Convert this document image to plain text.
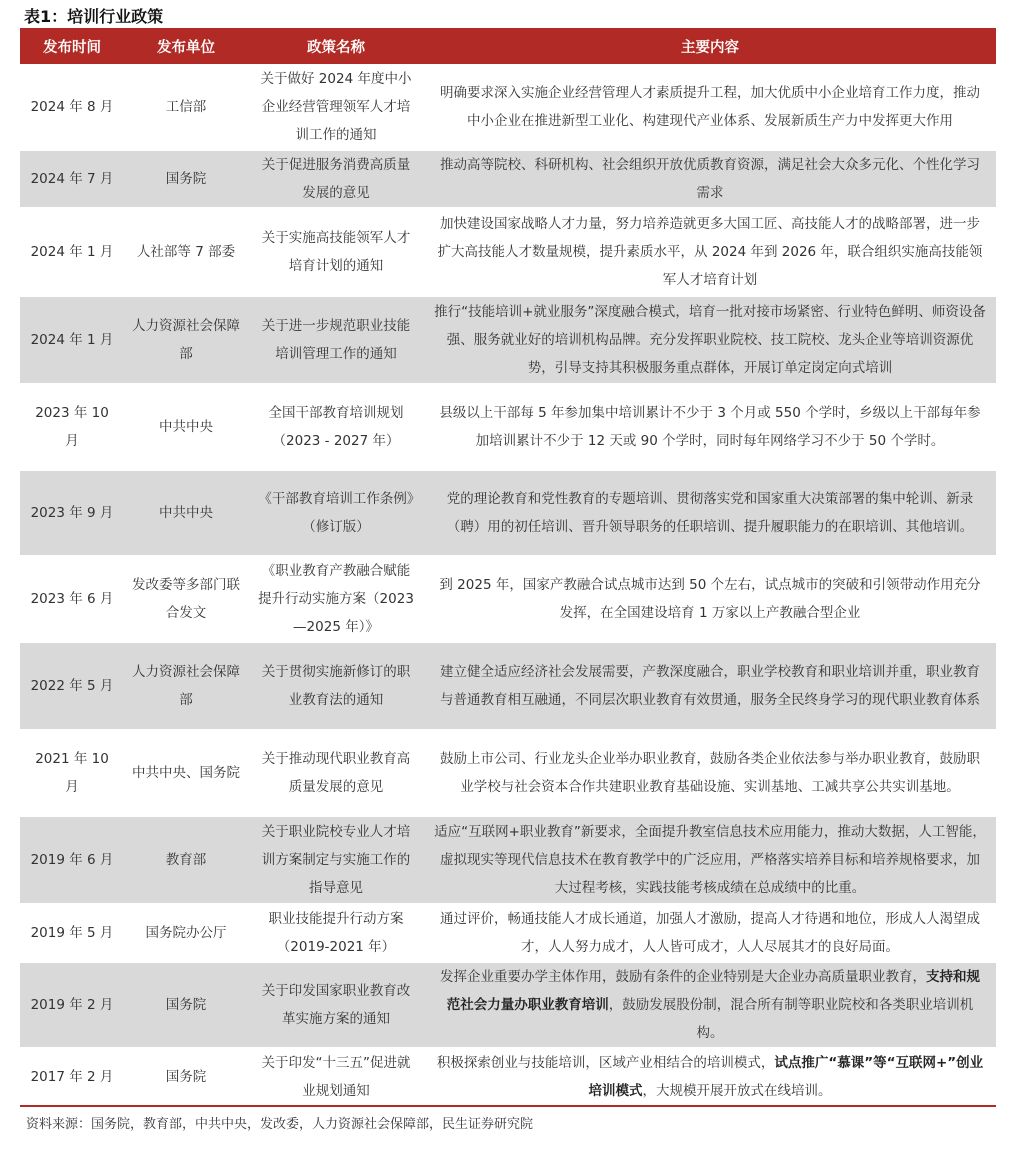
表1：培训行业政策
发布时间	发布单位	政策名称	主要内容
2024 年 8 月	工信部	关于做好 2024 年度中小企业经营管理领军人才培训工作的通知	明确要求深入实施企业经营管理人才素质提升工程，加大优质中小企业培育工作力度，推动中小企业在推进新型工业化、构建现代产业体系、发展新质生产力中发挥更大作用
2024 年 7 月	国务院	关于促进服务消费高质量发展的意见	推动高等院校、科研机构、社会组织开放优质教育资源，满足社会大众多元化、个性化学习需求
2024 年 1 月	人社部等 7 部委	关于实施高技能领军人才培育计划的通知	加快建设国家战略人才力量，努力培养造就更多大国工匠、高技能人才的战略部署，进一步扩大高技能人才数量规模，提升素质水平，从 2024 年到 2026 年，联合组织实施高技能领军人才培育计划
2024 年 1 月	人力资源社会保障部	关于进一步规范职业技能培训管理工作的通知	推行“技能培训+就业服务”深度融合模式，培育一批对接市场紧密、行业特色鲜明、师资设备强、服务就业好的培训机构品牌。充分发挥职业院校、技工院校、龙头企业等培训资源优势，引导支持其积极服务重点群体，开展订单定岗定向式培训
2023 年 10 月	中共中央	全国干部教育培训规划（2023 - 2027 年）	县级以上干部每 5 年参加集中培训累计不少于 3 个月或 550 个学时，乡级以上干部每年参加培训累计不少于 12 天或 90 个学时，同时每年网络学习不少于 50 个学时。
2023 年 9 月	中共中央	《干部教育培训工作条例》（修订版）	党的理论教育和党性教育的专题培训、贯彻落实党和国家重大决策部署的集中轮训、新录（聘）用的初任培训、晋升领导职务的任职培训、提升履职能力的在职培训、其他培训。
2023 年 6 月	发改委等多部门联合发文	《职业教育产教融合赋能提升行动实施方案（2023—2025 年）》	到 2025 年，国家产教融合试点城市达到 50 个左右，试点城市的突破和引领带动作用充分发挥，在全国建设培育 1 万家以上产教融合型企业
2022 年 5 月	人力资源社会保障部	关于贯彻实施新修订的职业教育法的通知	建立健全适应经济社会发展需要，产教深度融合，职业学校教育和职业培训并重，职业教育与普通教育相互融通，不同层次职业教育有效贯通，服务全民终身学习的现代职业教育体系
2021 年 10 月	中共中央、国务院	关于推动现代职业教育高质量发展的意见	鼓励上市公司、行业龙头企业举办职业教育，鼓励各类企业依法参与举办职业教育，鼓励职业学校与社会资本合作共建职业教育基础设施、实训基地、工减共享公共实训基地。
2019 年 6 月	教育部	关于职业院校专业人才培训方案制定与实施工作的指导意见	适应“互联网+职业教育”新要求，全面提升教室信息技术应用能力，推动大数据，人工智能，虚拟现实等现代信息技术在教育教学中的广泛应用，严格落实培养目标和培养规格要求，加大过程考核，实践技能考核成绩在总成绩中的比重。
2019 年 5 月	国务院办公厅	职业技能提升行动方案（2019-2021 年）	通过评价，畅通技能人才成长通道，加强人才激励，提高人才待遇和地位，形成人人渴望成才，人人努力成才，人人皆可成才，人人尽展其才的良好局面。
2019 年 2 月	国务院	关于印发国家职业教育改革实施方案的通知	发挥企业重要办学主体作用，鼓励有条件的企业特别是大企业办高质量职业教育，支持和规范社会力量办职业教育培训，鼓励发展股份制，混合所有制等职业院校和各类职业培训机构。
2017 年 2 月	国务院	关于印发“十三五”促进就业规划通知	积极探索创业与技能培训，区域产业相结合的培训模式，试点推广“慕课”等“互联网+”创业培训模式，大规模开展开放式在线培训。
资料来源：国务院，教育部，中共中央，发改委，人力资源社会保障部，民生证券研究院
